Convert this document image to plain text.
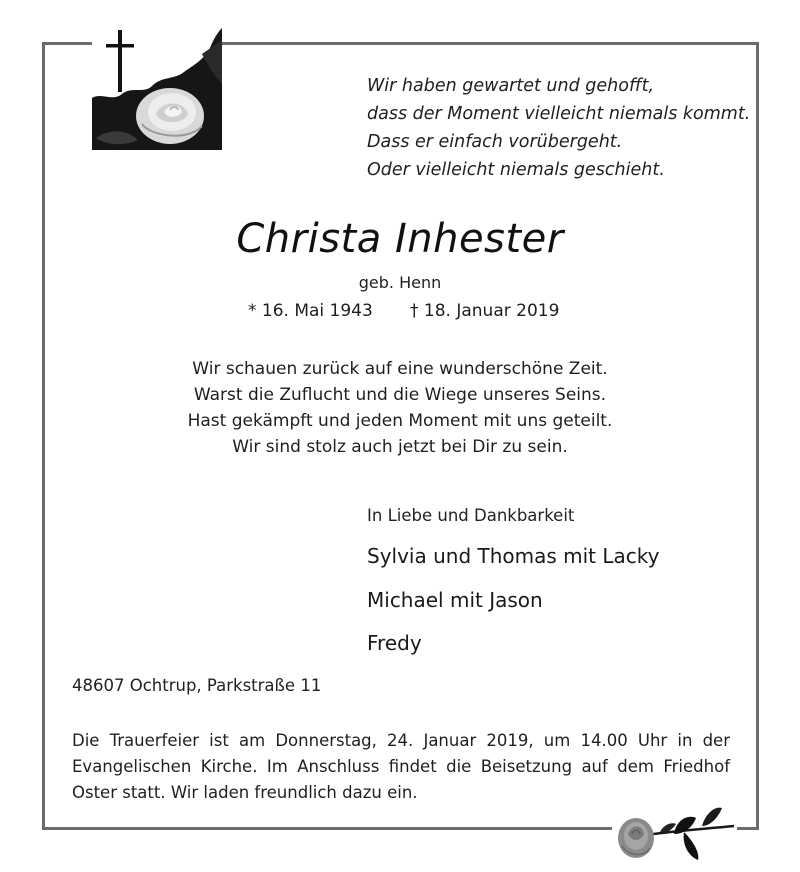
Wir haben gewartet und gehofft,
dass der Moment vielleicht niemals kommt.
Dass er einfach vorübergeht.
Oder vielleicht niemals geschieht.
Christa Inhester
geb. Henn
* 16. Mai 1943 † 18. Januar 2019
Wir schauen zurück auf eine wunderschöne Zeit.
Warst die Zuflucht und die Wiege unseres Seins.
Hast gekämpft und jeden Moment mit uns geteilt.
Wir sind stolz auch jetzt bei Dir zu sein.
In Liebe und Dankbarkeit
Sylvia und Thomas mit Lacky
Michael mit Jason
Fredy
48607 Ochtrup, Parkstraße 11
Die Trauerfeier ist am Donnerstag, 24. Januar 2019, um 14.00 Uhr in der
Evangelischen Kirche. Im Anschluss findet die Beisetzung auf dem Friedhof
Oster statt. Wir laden freundlich dazu ein.
